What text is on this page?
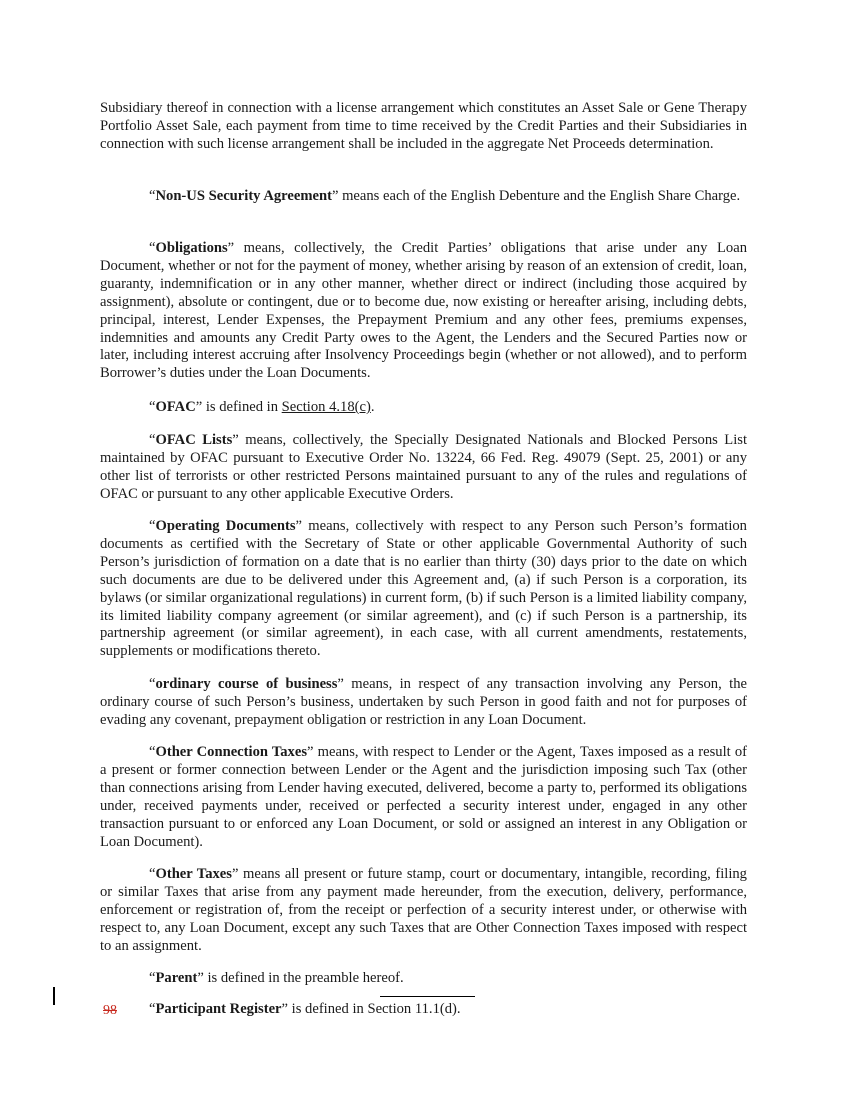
Subsidiary thereof in connection with a license arrangement which constitutes an Asset Sale or Gene Therapy Portfolio Asset Sale, each payment from time to time received by the Credit Parties and their Subsidiaries in connection with such license arrangement shall be included in the aggregate Net Proceeds determination.

“Non-US Security Agreement” means each of the English Debenture and the English Share Charge.

“Obligations” means, collectively, the Credit Parties’ obligations that arise under any Loan Document, whether or not for the payment of money, whether arising by reason of an extension of credit, loan, guaranty, indemnification or in any other manner, whether direct or indirect (including those acquired by assignment), absolute or contingent, due or to become due, now existing or hereafter arising, including debts, principal, interest, Lender Expenses, the Prepayment Premium and any other fees, premiums expenses, indemnities and amounts any Credit Party owes to the Agent, the Lenders and the Secured Parties now or later, including interest accruing after Insolvency Proceedings begin (whether or not allowed), and to perform Borrower’s duties under the Loan Documents.

“OFAC” is defined in Section 4.18(c).

“OFAC Lists” means, collectively, the Specially Designated Nationals and Blocked Persons List maintained by OFAC pursuant to Executive Order No. 13224, 66 Fed. Reg. 49079 (Sept. 25, 2001) or any other list of terrorists or other restricted Persons maintained pursuant to any of the rules and regulations of OFAC or pursuant to any other applicable Executive Orders.

“Operating Documents” means, collectively with respect to any Person such Person’s formation documents as certified with the Secretary of State or other applicable Governmental Authority of such Person’s jurisdiction of formation on a date that is no earlier than thirty (30) days prior to the date on which such documents are due to be delivered under this Agreement and, (a) if such Person is a corporation, its bylaws (or similar organizational regulations) in current form, (b) if such Person is a limited liability company, its limited liability company agreement (or similar agreement), and (c) if such Person is a partnership, its partnership agreement (or similar agreement), in each case, with all current amendments, restatements, supplements or modifications thereto.

“ordinary course of business” means, in respect of any transaction involving any Person, the ordinary course of such Person’s business, undertaken by such Person in good faith and not for purposes of evading any covenant, prepayment obligation or restriction in any Loan Document.

“Other Connection Taxes” means, with respect to Lender or the Agent, Taxes imposed as a result of a present or former connection between Lender or the Agent and the jurisdiction imposing such Tax (other than connections arising from Lender having executed, delivered, become a party to, performed its obligations under, received payments under, received or perfected a security interest under, engaged in any other transaction pursuant to or enforced any Loan Document, or sold or assigned an interest in any Obligation or Loan Document).

“Other Taxes” means all present or future stamp, court or documentary, intangible, recording, filing or similar Taxes that arise from any payment made hereunder, from the execution, delivery, performance, enforcement or registration of, from the receipt or perfection of a security interest under, or otherwise with respect to, any Loan Document, except any such Taxes that are Other Connection Taxes imposed with respect to an assignment.

“Parent” is defined in the preamble hereof.

“Participant Register” is defined in Section 11.1(d).

98
